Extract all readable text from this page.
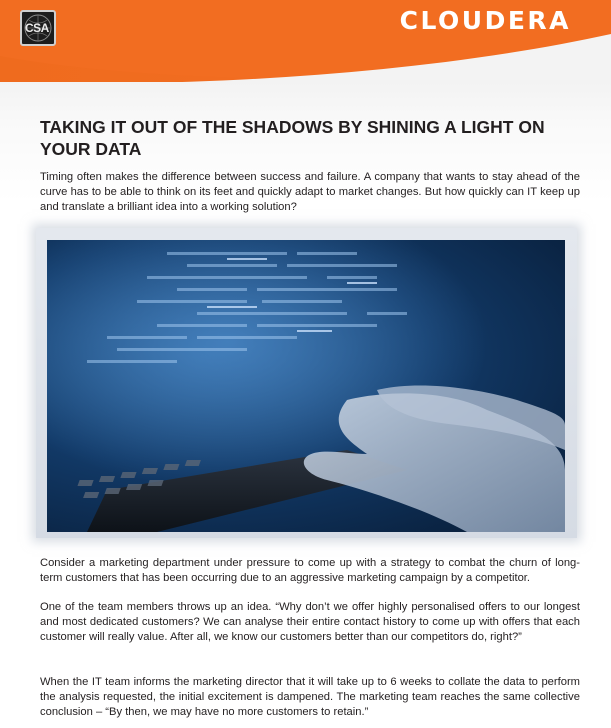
CSA	CLOUDERA
TAKING IT OUT OF THE SHADOWS BY SHINING A LIGHT ON YOUR DATA

Timing often makes the difference between success and failure. A company that wants to stay ahead of the curve has to be able to think on its feet and quickly adapt to market changes. But how quickly can IT keep up and translate a brilliant idea into a working solution?

Consider a marketing department under pressure to come up with a strategy to combat the churn of long-term customers that has been occurring due to an aggressive marketing campaign by a competitor.

One of the team members throws up an idea. “Why don’t we offer highly personalised offers to our longest and most dedicated customers? We can analyse their entire contact history to come up with offers that each customer will really value. After all, we know our customers better than our competitors do, right?”

When the IT team informs the marketing director that it will take up to 6 weeks to collate the data to perform the analysis requested, the initial excitement is dampened. The marketing team reaches the same collective conclusion – “By then, we may have no more customers to retain.”
